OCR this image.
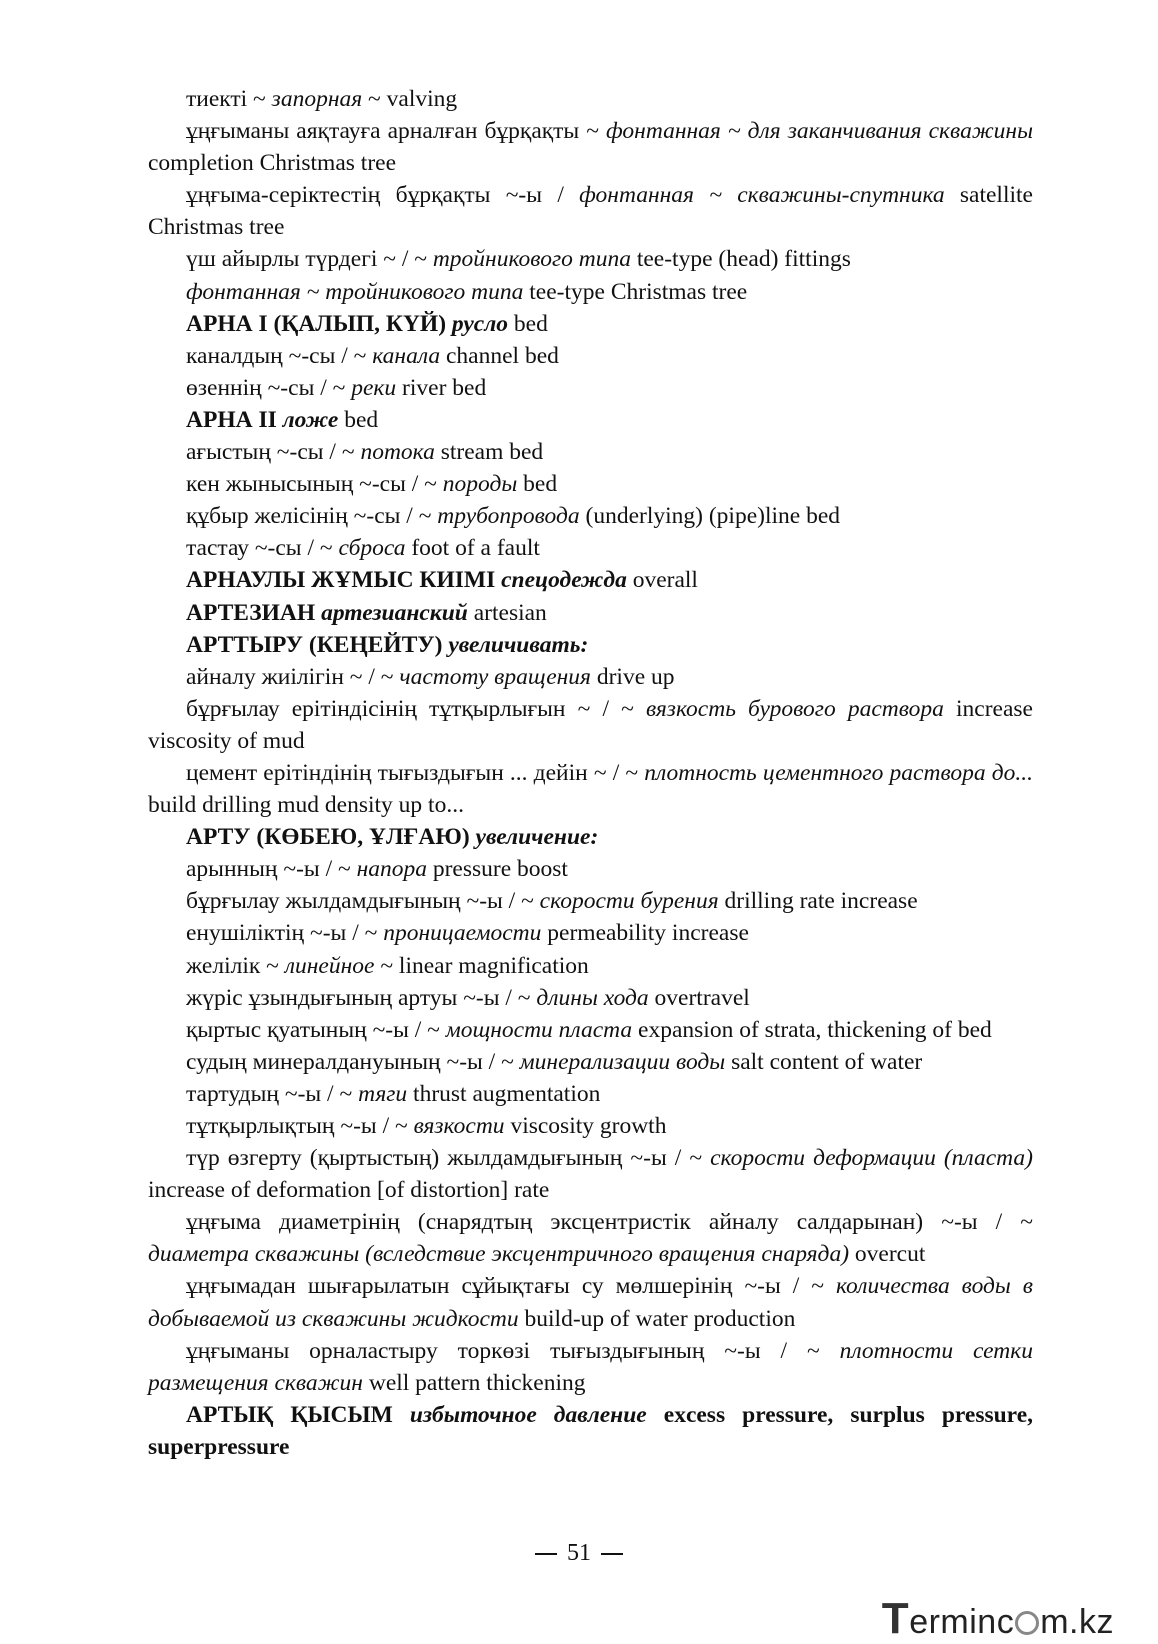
тиекті ~ запорная ~ valving

ұңғыманы аяқтауға арналған бұрқақты ~ фонтанная ~ для заканчивания скважины completion Christmas tree

ұңғыма-серіктестің бұрқақты ~-ы / фонтанная ~ скважины-спутника satellite Christmas tree

үш айырлы түрдегі ~ / ~ тройникового типа tee-type (head) fittings

фонтанная ~ тройникового типа tee-type Christmas tree

АРНА I (ҚАЛЫП, КҮЙ) русло bed

каналдың ~-сы / ~ канала channel bed

өзеннің ~-сы / ~ реки river bed

АРНА II ложе bed

ағыстың ~-сы / ~ потока stream bed

кен жынысының ~-сы / ~ породы bed

құбыр желісінің ~-сы / ~ трубопровода (underlying) (pipe)line bed

тастау ~-сы / ~ сброса foot of a fault

АРНАУЛЫ ЖҰМЫС КИІМІ спецодежда overall

АРТЕЗИАН артезианский artesian

АРТТЫРУ (КЕҢЕЙТУ) увеличивать:

айналу жиілігін ~ / ~ частоту вращения drive up

бұрғылау ерітіндісінің тұтқырлығын ~ / ~ вязкость бурового раствора increase viscosity of mud

цемент ерітіндінің тығыздығын ... дейін ~ / ~ плотность цементного раствора до... build drilling mud density up to...

АРТУ (КӨБЕЮ, ҰЛҒАЮ) увеличение:

арынның ~-ы / ~ напора pressure boost

бұрғылау жылдамдығының ~-ы / ~ скорости бурения drilling rate increase

енушіліктің ~-ы / ~ проницаемости permeability increase

желілік ~ линейное ~ linear magnification

жүріс ұзындығының артуы ~-ы / ~ длины хода overtravel

қыртыс қуатының ~-ы / ~ мощности пласта expansion of strata, thickening of bed

судың минералдануының ~-ы / ~ минерализации воды salt content of water

тартудың ~-ы / ~ тяги thrust augmentation

тұтқырлықтың ~-ы / ~ вязкости viscosity growth

түр өзгерту (қыртыстың) жылдамдығының ~-ы / ~ скорости деформации (пласта) increase of deformation [of distortion] rate

ұңғыма диаметрінің (снарядтың эксцентристік айналу салдарынан) ~-ы / ~ диаметра скважины (вследствие эксцентричного вращения снаряда) overcut

ұңғымадан шығарылатын сұйықтағы су мөлшерінің ~-ы / ~ количества воды в добываемой из скважины жидкости build-up of water production

ұңғыманы орналастыру торкөзі тығыздығының ~-ы / ~ плотности сетки размещения скважин well pattern thickening

АРТЫҚ ҚЫСЫМ избыточное давление excess pressure, surplus pressure, superpressure

51
Terminc m.kz
